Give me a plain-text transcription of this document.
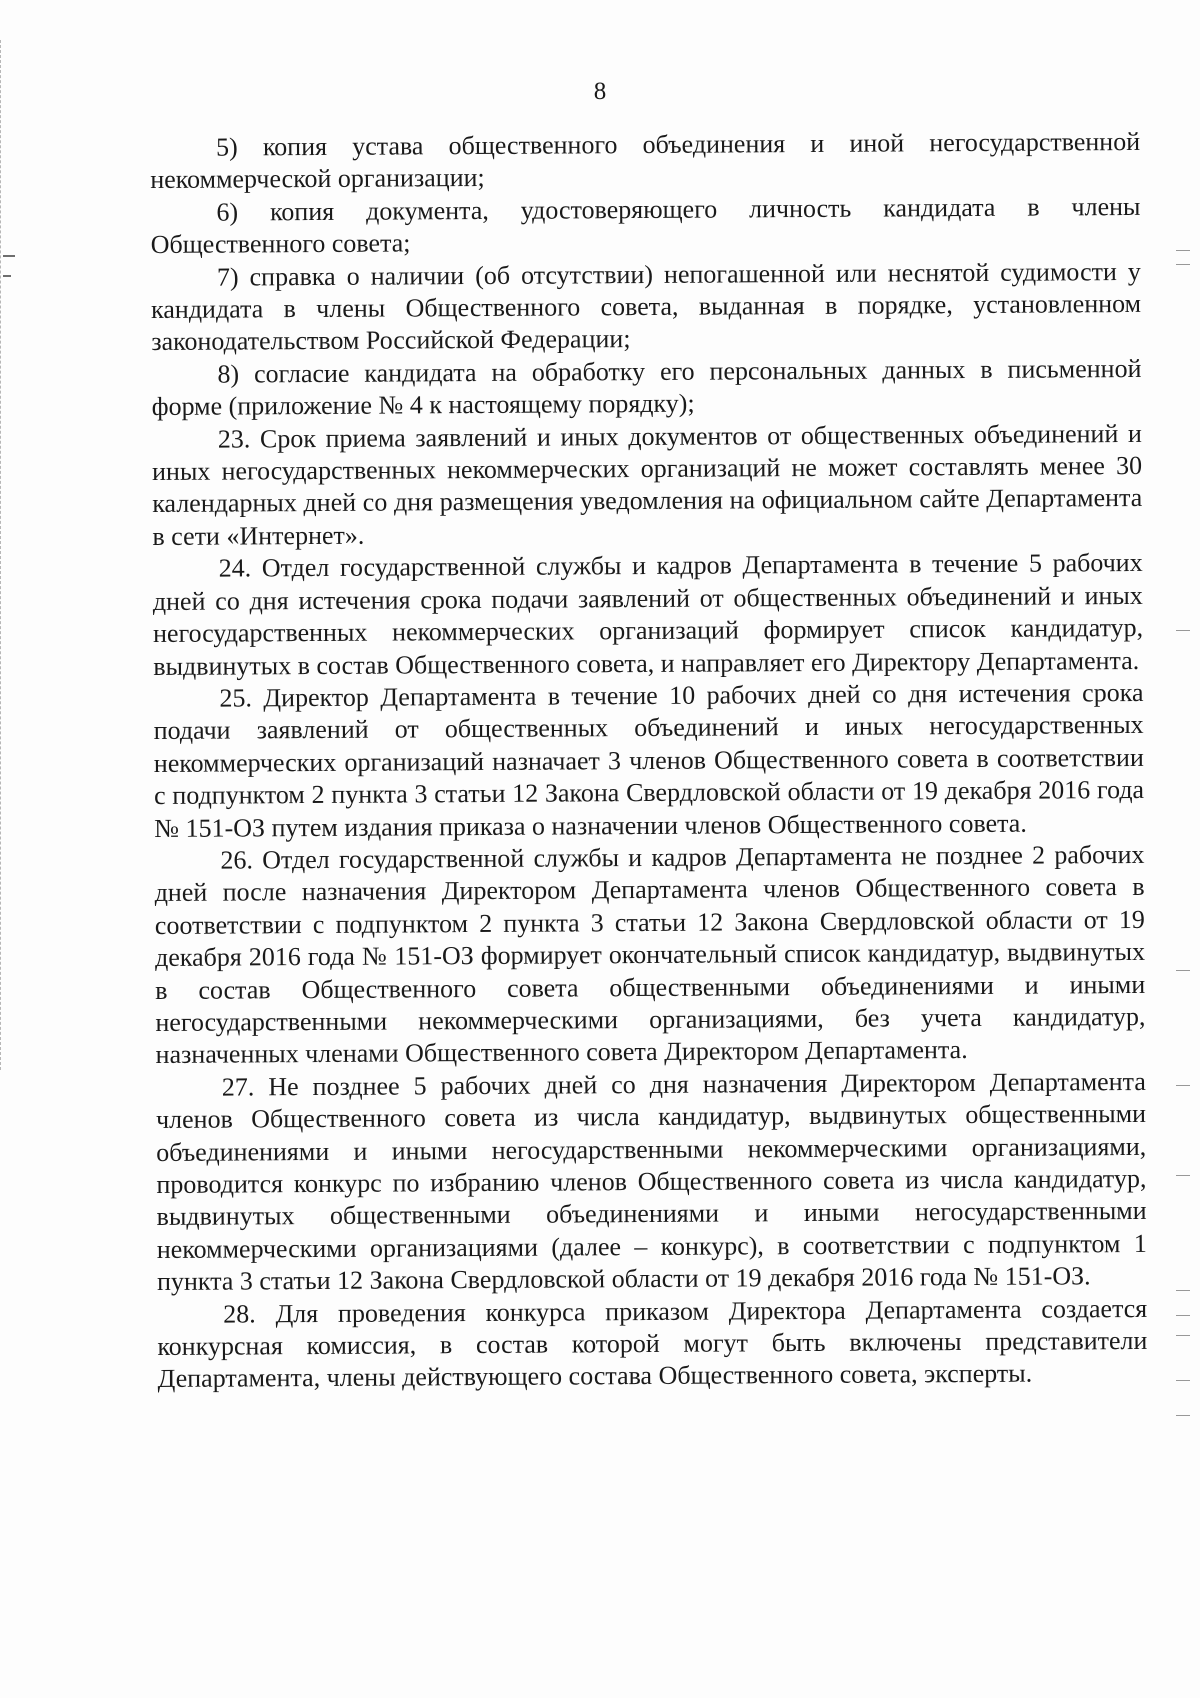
8

5) копия устава общественного объединения и иной негосударственной некоммерческой организации;

6) копия документа, удостоверяющего личность кандидата в члены Общественного совета;

7) справка о наличии (об отсутствии) непогашенной или неснятой судимости у кандидата в члены Общественного совета, выданная в порядке, установленном законодательством Российской Федерации;

8) согласие кандидата на обработку его персональных данных в письменной форме (приложение № 4 к настоящему порядку);

23. Срок приема заявлений и иных документов от общественных объединений и иных негосударственных некоммерческих организаций не может составлять менее 30 календарных дней со дня размещения уведомления на официальном сайте Департамента в сети «Интернет».

24. Отдел государственной службы и кадров Департамента в течение 5 рабочих дней со дня истечения срока подачи заявлений от общественных объединений и иных негосударственных некоммерческих организаций формирует список кандидатур, выдвинутых в состав Общественного совета, и направляет его Директору Департамента.

25. Директор Департамента в течение 10 рабочих дней со дня истечения срока подачи заявлений от общественных объединений и иных негосударственных некоммерческих организаций назначает 3 членов Общественного совета в соответствии с подпунктом 2 пункта 3 статьи 12 Закона Свердловской области от 19 декабря 2016 года № 151-ОЗ путем издания приказа о назначении членов Общественного совета.

26. Отдел государственной службы и кадров Департамента не позднее 2 рабочих дней после назначения Директором Департамента членов Общественного совета в соответствии с подпунктом 2 пункта 3 статьи 12 Закона Свердловской области от 19 декабря 2016 года № 151-ОЗ формирует окончательный список кандидатур, выдвинутых в состав Общественного совета общественными объединениями и иными негосударственными некоммерческими организациями, без учета кандидатур, назначенных членами Общественного совета Директором Департамента.

27. Не позднее 5 рабочих дней со дня назначения Директором Департамента членов Общественного совета из числа кандидатур, выдвинутых общественными объединениями и иными негосударственными некоммерческими организациями, проводится конкурс по избранию членов Общественного совета из числа кандидатур, выдвинутых общественными объединениями и иными негосударственными некоммерческими организациями (далее – конкурс), в соответствии с подпунктом 1 пункта 3 статьи 12 Закона Свердловской области от 19 декабря 2016 года № 151-ОЗ.

28. Для проведения конкурса приказом Директора Департамента создается конкурсная комиссия, в состав которой могут быть включены представители Департамента, члены действующего состава Общественного совета, эксперты.
